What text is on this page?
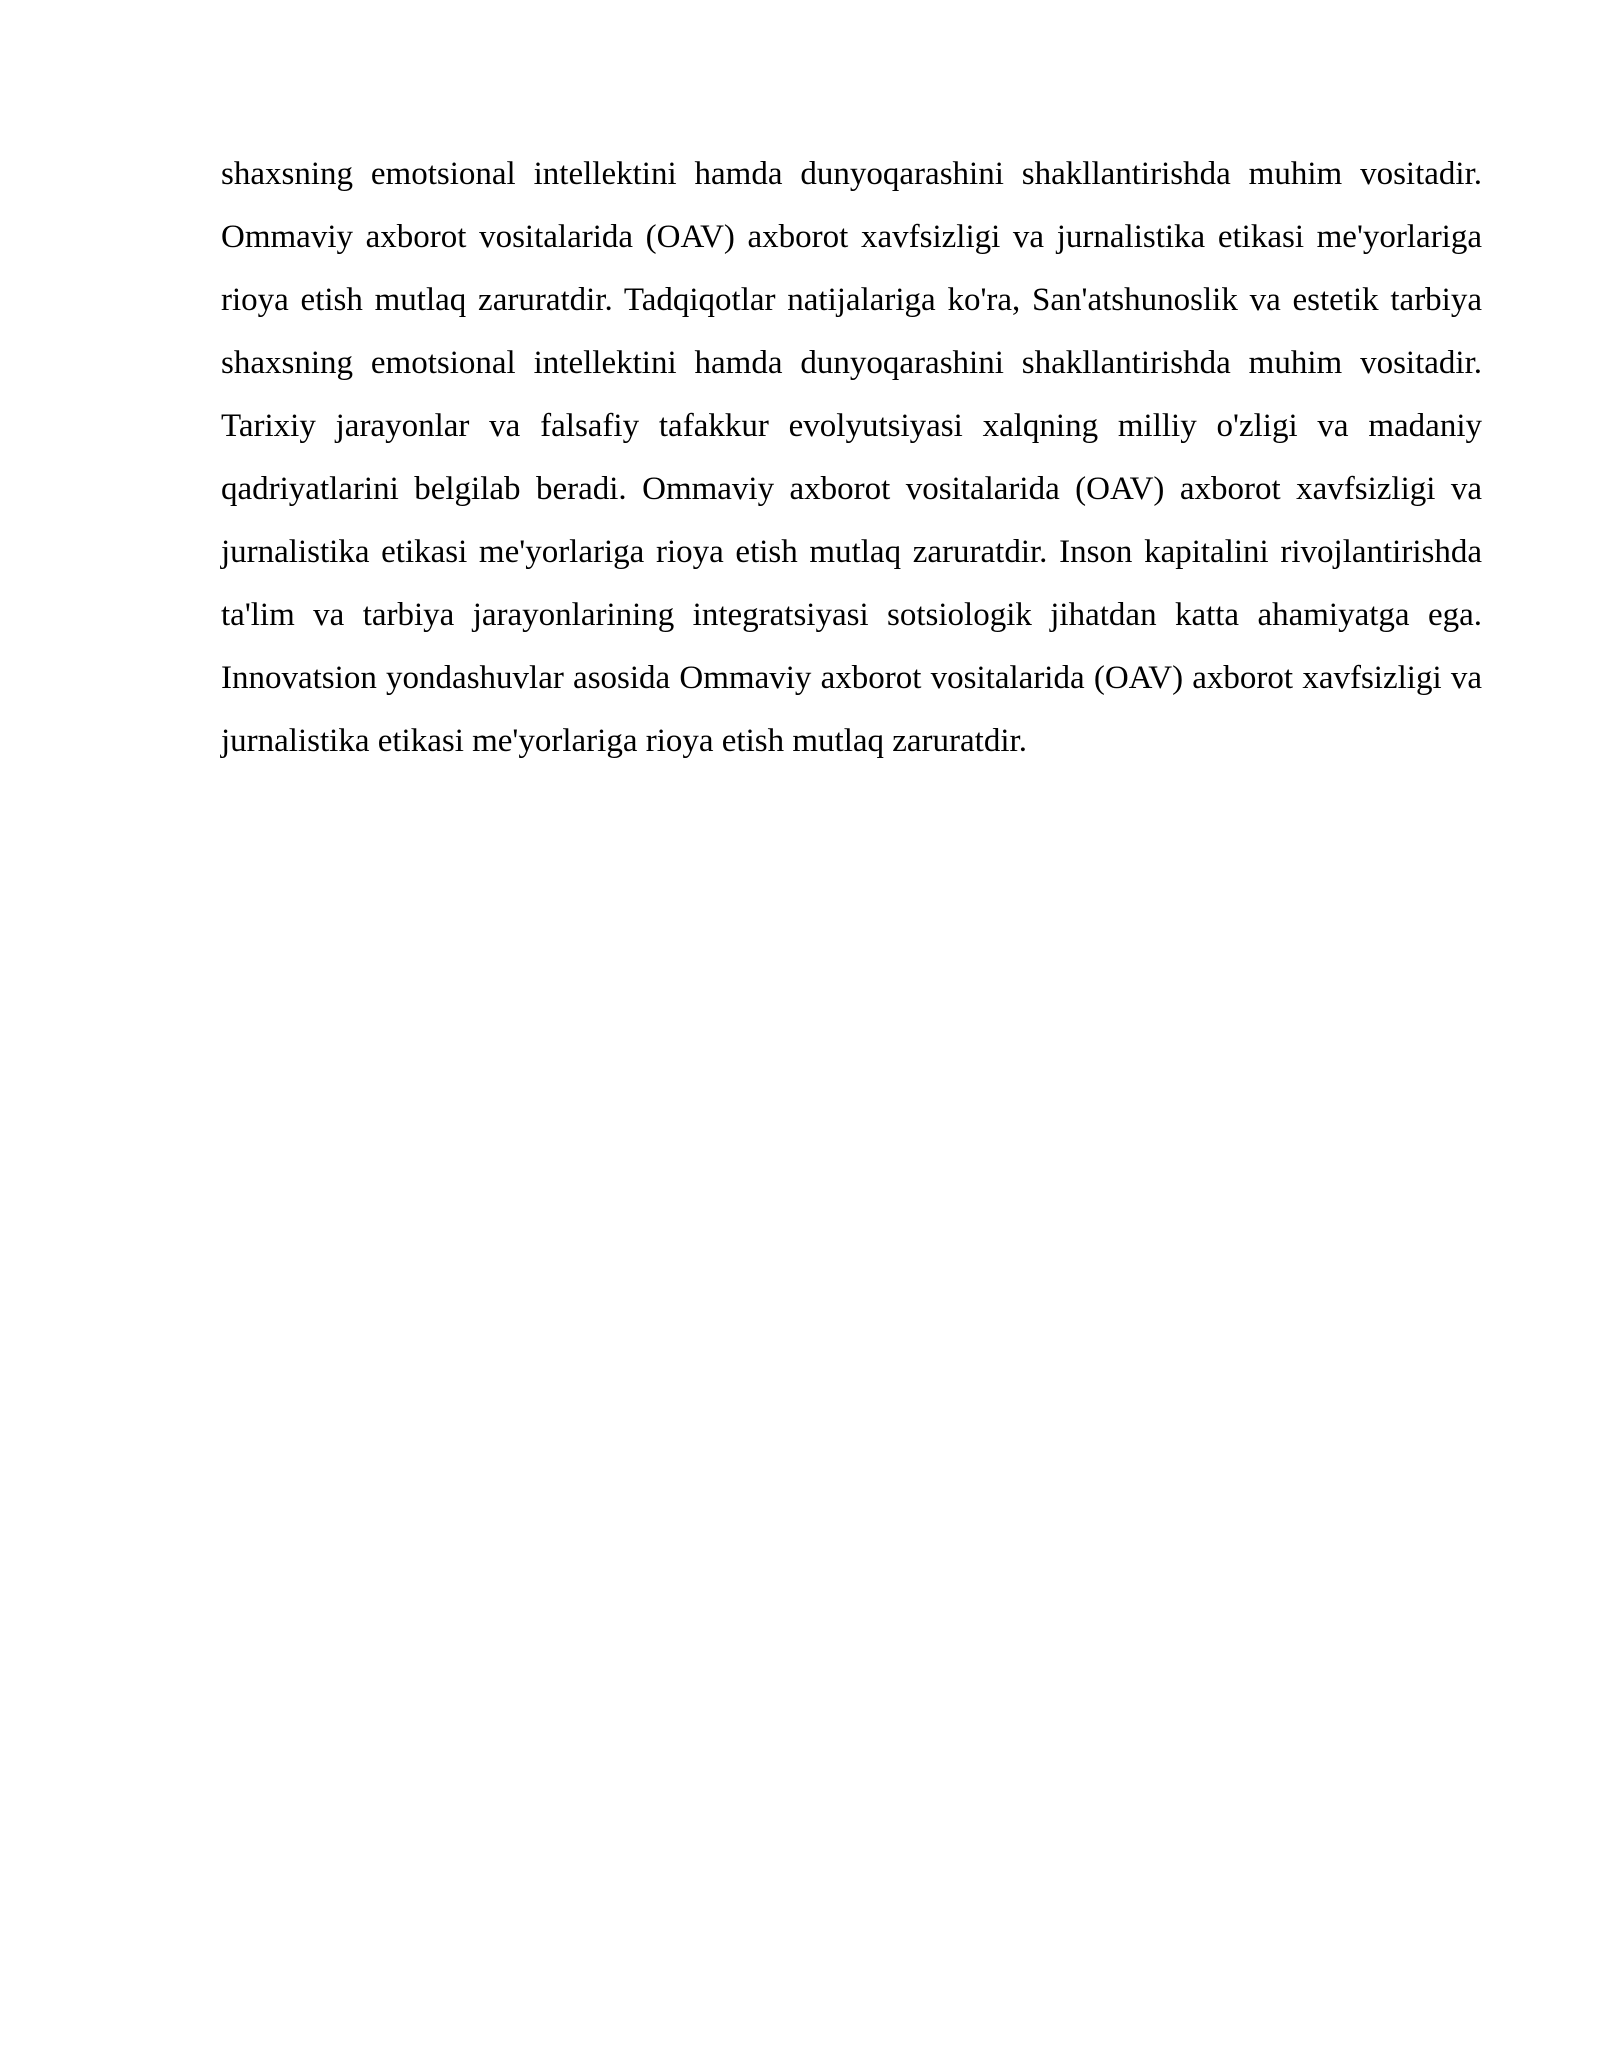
shaxsning emotsional intellektini hamda dunyoqarashini shakllantirishda muhim vositadir. Ommaviy axborot vositalarida (OAV) axborot xavfsizligi va jurnalistika etikasi me'yorlariga rioya etish mutlaq zaruratdir. Tadqiqotlar natijalariga ko'ra, San'atshunoslik va estetik tarbiya shaxsning emotsional intellektini hamda dunyoqarashini shakllantirishda muhim vositadir. Tarixiy jarayonlar va falsafiy tafakkur evolyutsiyasi xalqning milliy o'zligi va madaniy qadriyatlarini belgilab beradi. Ommaviy axborot vositalarida (OAV) axborot xavfsizligi va jurnalistika etikasi me'yorlariga rioya etish mutlaq zaruratdir. Inson kapitalini rivojlantirishda ta'lim va tarbiya jarayonlarining integratsiyasi sotsiologik jihatdan katta ahamiyatga ega. Innovatsion yondashuvlar asosida Ommaviy axborot vositalarida (OAV) axborot xavfsizligi va jurnalistika etikasi me'yorlariga rioya etish mutlaq zaruratdir.
